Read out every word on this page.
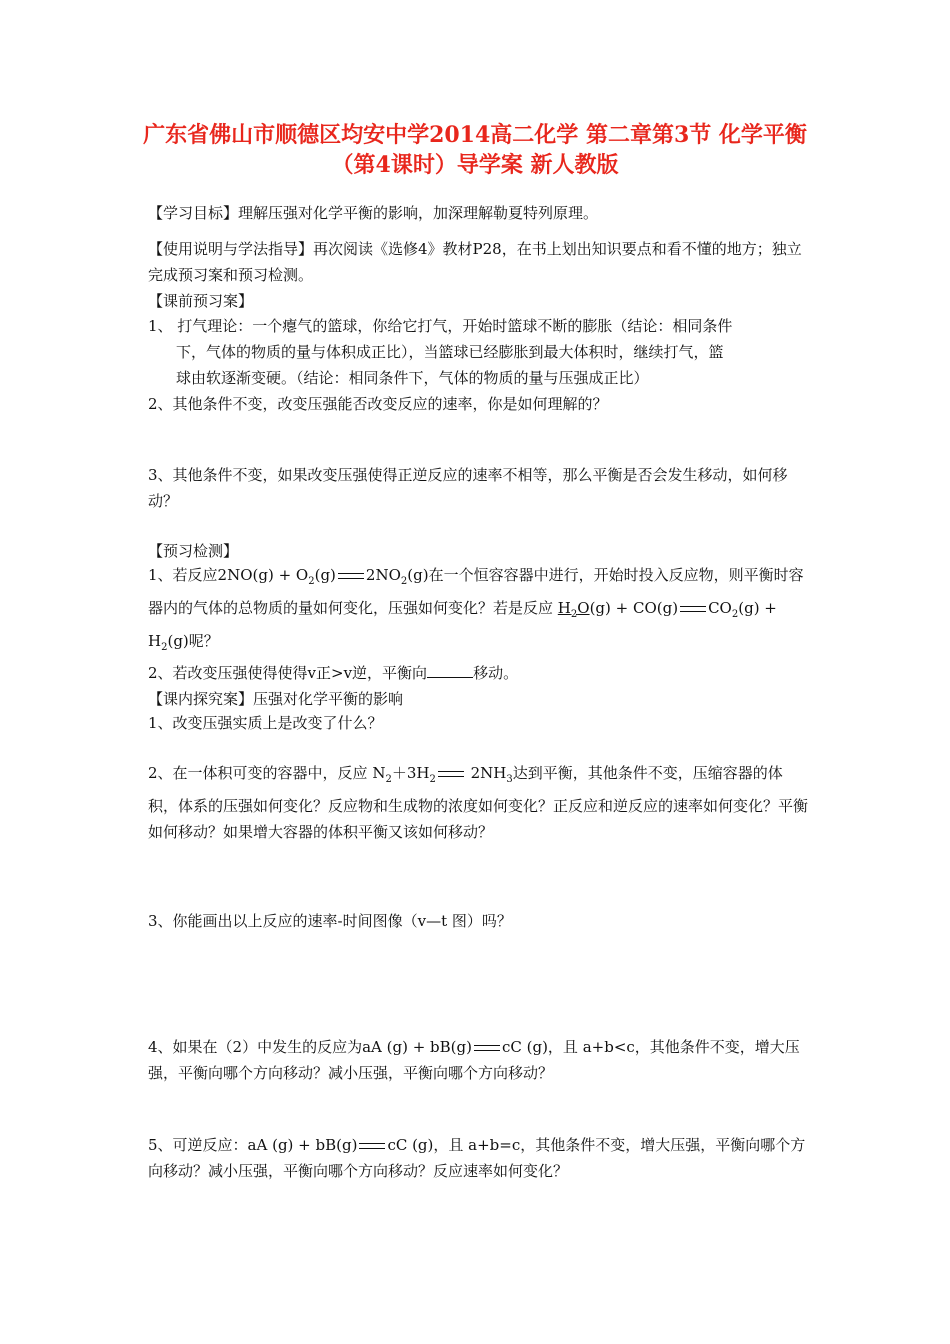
广东省佛山市顺德区均安中学2014高二化学 第二章第3节 化学平衡（第4课时）导学案 新人教版
【学习目标】理解压强对化学平衡的影响，加深理解勒夏特列原理。
【使用说明与学法指导】再次阅读《选修4》教材P28，在书上划出知识要点和看不懂的地方；独立完成预习案和预习检测。
【课前预习案】
1、 打气理论：一个瘪气的篮球，你给它打气，开始时篮球不断的膨胀（结论：相同条件
下，气体的物质的量与体积成正比），当篮球已经膨胀到最大体积时，继续打气，篮
球由软逐渐变硬。（结论：相同条件下，气体的物质的量与压强成正比）
2、其他条件不变，改变压强能否改变反应的速率，你是如何理解的？
3、其他条件不变，如果改变压强使得正逆反应的速率不相等，那么平衡是否会发生移动，如何移动？
【预习检测】
1、若反应$2NO(g) + O_2(g)$ $2NO_2(g)$在一个恒容容器中进行，开始时投入反应物，则平衡时容器内的气体的总物质的量如何变化，压强如何变化？若是反应 $H_2O(g) + CO(g) CO_2(g) + H_2(g)$呢？
2、若改变压强使得使得v正>v逆，平衡向	移动。
【课内探究案】压强对化学平衡的影响
1、改变压强实质上是改变了什么？
2、在一体积可变的容器中，反应 $N_2+3H_2$ $2NH_3$达到平衡，其他条件不变，压缩容器的体积，体系的压强如何变化？反应物和生成物的浓度如何变化？正反应和逆反应的速率如何变化？平衡如何移动？如果增大容器的体积平衡又该如何移动？
3、你能画出以上反应的速率-时间图像（v—t 图）吗？
4、如果在（2）中发生的反应为aA (g) + bB(g) cC (g)，且 a+b<c，其他条件不变，增大压强，平衡向哪个方向移动？减小压强，平衡向哪个方向移动？
5、可逆反应：aA (g) + bB(g) cC (g)，且 a+b=c，其他条件不变，增大压强，平衡向哪个方向移动？减小压强，平衡向哪个方向移动？反应速率如何变化？
